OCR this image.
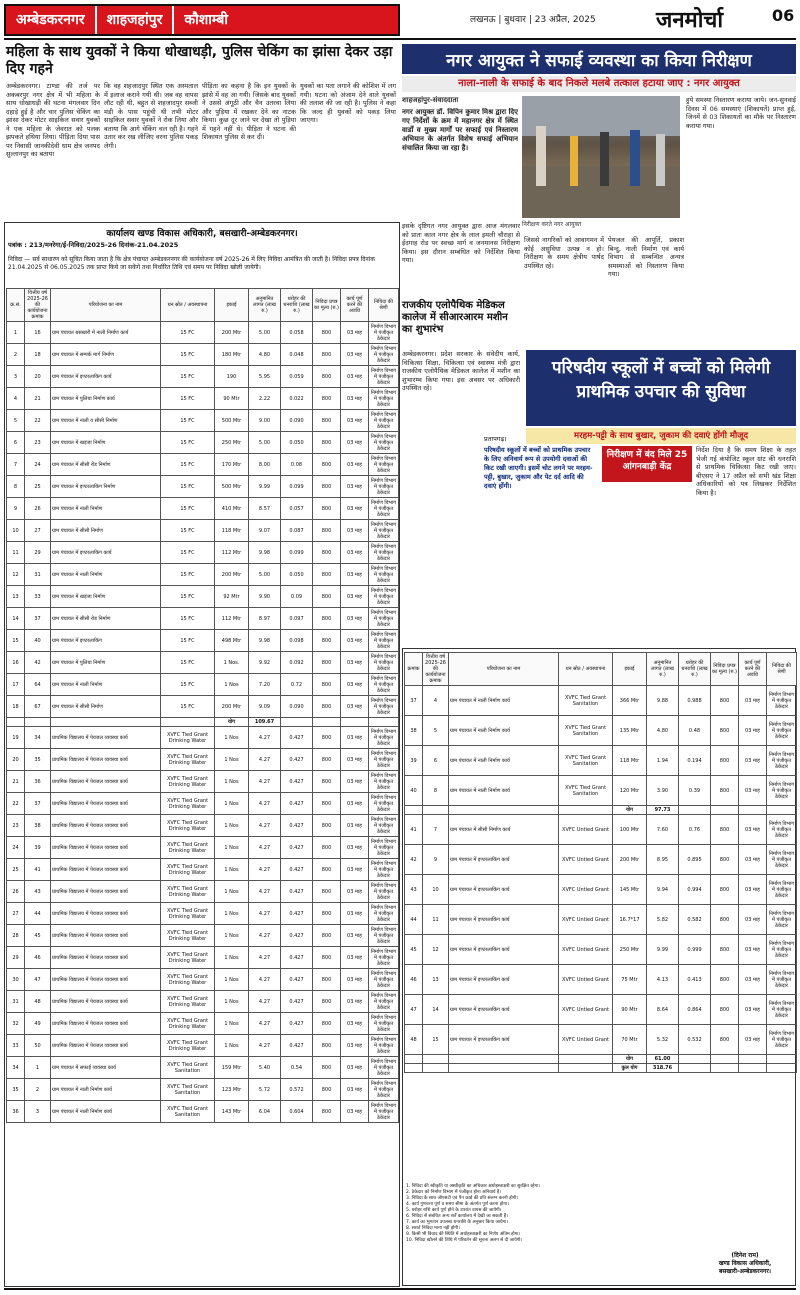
अम्बेडकरनगर	शाहजहांपुर	कौशाम्बी	लखनऊ | बुधवार | 23 अप्रैल, 2025	जनमोर्चा	06
महिला के साथ युवकों ने किया धोखाधड़ी, पुलिस चेकिंग का झांसा देकर उड़ा दिए गहने
अम्बेडकरनगर। टाण्डा की तर्ज पर अकबरपुर नगर क्षेत्र में भी महिला के साथ धोखाधड़ी की घटना मंगलवार दिन दहाड़े हुई है और चार पुलिस चेकिंग का झांसा देकर मोटर साइकिल सवार युवकों ने एक महिला के जेवरात को पलक झपकते हथिया लिया। पीड़िता दिया पास पर निवासी जानकीदेवी धाम क्षेत्र जनपद सुल्तानपुर का बताया
कि वह शहजादपुर स्थित एक अस्पताल में इलाज कराने गयी थी। जब वह वापस लौट रही थी, बहुत से शहजादपुर सब्जी मंडी के पास पहुंची थी तभी मोटर साइकिल सवार युवकों ने रोक लिया और बताया कि आगे चेकिंग चल रही है। गहने उतार कर रख लीजिए वरना पुलिस पकड़ लेगी।
पीड़िता का कहना है कि इन युवकों के झांसे में वह आ गयी। जिसके बाद युवकों ने उससे अंगूठी और चैन उतरवा लिया और पुड़िया में रखकर देने का नाटक किया। कुछ दूर जाने पर देखा तो पुड़िया में गहने नहीं थे। पीड़िता ने घटना की शिकायत पुलिस से कर दी।
युवकों का पता लगाने की कोशिश में लग गयी। घटना को अंजाम देने वाले युवकों की तलाश की जा रही है। पुलिस ने कहा कि जल्द ही युवकों को पकड़ लिया जाएगा।
नगर आयुक्त ने सफाई व्यवस्था का किया निरीक्षण
नाला-नाली के सफाई के बाद निकले मलबे तत्काल हटाया जाए : नगर आयुक्त
शाहजहांपुर-संवाददाता
नगर आयुक्त डॉ. विपिन कुमार मिश्र द्वारा दिए गए निर्देशों के क्रम में महानगर क्षेत्र में स्थित वार्डों व मुख्य मार्गों पर सफाई एवं निस्तारण अभियान के अंतर्गत विशेष सफाई अभियान संचालित किया जा रहा है।
निरीक्षण करते नगर आयुक्त
इसके दृष्टिगत नगर आयुक्त द्वारा आज मंगलवार को प्रातः काल नगर क्षेत्र के लाल इमली चौराहा से ईदगाह रोड पर स्वच्छ मार्ग व जनमानस निरीक्षण किया। इस दौरान सम्बंधित को निर्देशित किया गया।
जिससे नागरिकों को आवागमन में कोई असुविधा उत्पन्न न हो। निरीक्षण के समय क्षेत्रीय पार्षद उपस्थित रहे।
पेयजल की आपूर्ति, प्रकाश बिन्दु, नाली निर्माण एवं कार्य विभाग से सम्बन्धित अन्यत्र समस्याओं को निस्तारण किया गया।
हुये समस्या निस्तारण कराया जाये। जन-सुनवाई दिवस में 06 समस्याएं (शिकायतें) प्राप्त हुई, जिनमें से 03 शिकायतों का मौके पर निस्तारण कराया गया।
राजकीय एलोपैथिक मेडिकल कालेज में सीआरआरम मशीन का शुभारंभ
अम्बेडकरनगर। प्रदेश सरकार के संवेदीय कार्य, चिकित्सा शिक्षा, चिकित्सा एवं स्वास्थ्य मंत्री द्वारा राजकीय एलोपैथिक मेडिकल कालेज में मशीन का शुभारम्भ किया गया। इस अवसर पर अधिकारी उपस्थित रहे।
परिषदीय स्कूलों में बच्चों को मिलेगी प्राथमिक उपचार की सुविधा
मरहम-पट्टी के साथ बुखार, जुकाम की दवाएं होंगी मौजूद
प्रतापगढ़।
परिषदीय स्कूलों में बच्चों को प्राथमिक उपचार के लिए अनिवार्य रूप से उपयोगी दवाओं की किट रखी जाएगी। इसमें चोट लगने पर मरहम-पट्टी, बुखार, जुकाम और पेट दर्द आदि की दवाएं होंगी।
निरीक्षण में बंद मिले 25 आंगनबाड़ी केंद्र
निर्देश दिया है कि समय शिक्षा के तहत भेजी गई कंपोजिट स्कूल ग्रांट की धनराशि से प्राथमिक चिकित्सा किट रखी जाए। बीएसए ने 17 अप्रैल को सभी खंड शिक्षा अधिकारियों को पत्र लिखकर निर्देशित किया है।
कार्यालय खण्ड विकास अधिकारी, बसखारी-अम्बेडकरनगर।
पत्रांक : 213/मनरेगा/ई-निविदा/2025-26 दिनांक-21.04.2025
निविदा — सर्व साधारण को सूचित किया जाता है कि क्षेत्र पंचायत अम्बेडकरनगर की कार्ययोजना वर्ष 2025-26 में लिए निविदा आमंत्रित की जाती है। निविदा प्रपत्र दिनांक 21.04.2025 से 06.05.2025 तक प्राप्त किये जा सकेंगे तथा निर्धारित तिथि एवं समय पर निविदा खोली जायेगी।
क्र.सं.	वित्तीय वर्ष 2025-26 की कार्ययोजना क्रमांक	परियोजना का नाम	धन स्रोत / अवस्थापना	इकाई	अनुमानित लागत (लाख रु.)	धरोहर की धनराशि (लाख रु.)	निविदा प्रपत्र का मूल्य (रु.)	कार्य पूर्ण करने की अवधि	निविदा की श्रेणी
1	16	ग्राम पंचायत बसखारी में नाली निर्माण कार्य	15 FC	200 Mtr	5.00	0.058	800	03 माह	निर्माण विभाग में पंजीकृत ठेकेदार
2	18	ग्राम पंचायत में सम्पर्क मार्ग निर्माण	15 FC	180 Mtr	4.80	0.048	800	03 माह	निर्माण विभाग में पंजीकृत ठेकेदार
3	20	ग्राम पंचायत में इण्टरलाकिंग कार्य	15 FC	190	5.95	0.059	800	03 माह	निर्माण विभाग में पंजीकृत ठेकेदार
4	21	ग्राम पंचायत में पुलिया निर्माण कार्य	15 FC	90 Mtr	2.22	0.022	800	03 माह	निर्माण विभाग में पंजीकृत ठेकेदार
5	22	ग्राम पंचायत में नाली व सीसी निर्माण	15 FC	500 Mtr	9.00	0.090	800	03 माह	निर्माण विभाग में पंजीकृत ठेकेदार
6	23	ग्राम पंचायत में खड़ंजा निर्माण	15 FC	250 Mtr	5.00	0.050	800	03 माह	निर्माण विभाग में पंजीकृत ठेकेदार
7	24	ग्राम पंचायत में सीसी रोड निर्माण	15 FC	170 Mtr	8.00	0.08	800	03 माह	निर्माण विभाग में पंजीकृत ठेकेदार
8	25	ग्राम पंचायत में इण्टरलाकिंग निर्माण	15 FC	500 Mtr	9.99	0.099	800	03 माह	निर्माण विभाग में पंजीकृत ठेकेदार
9	26	ग्राम पंचायत में नाली निर्माण	15 FC	410 Mtr	8.57	0.057	800	03 माह	निर्माण विभाग में पंजीकृत ठेकेदार
10	27	ग्राम पंचायत में सीसी निर्माण	15 FC	118 Mtr	9.07	0.087	800	03 माह	निर्माण विभाग में पंजीकृत ठेकेदार
11	29	ग्राम पंचायत में इण्टरलाकिंग कार्य	15 FC	112 Mtr	9.98	0.099	800	03 माह	निर्माण विभाग में पंजीकृत ठेकेदार
12	31	ग्राम पंचायत में नाली निर्माण	15 FC	200 Mtr	5.00	0.050	800	03 माह	निर्माण विभाग में पंजीकृत ठेकेदार
13	33	ग्राम पंचायत में खड़ंजा निर्माण	15 FC	92 Mtr	9.90	0.09	800	03 माह	निर्माण विभाग में पंजीकृत ठेकेदार
14	37	ग्राम पंचायत में सीसी रोड निर्माण	15 FC	112 Mtr	8.97	0.097	800	03 माह	निर्माण विभाग में पंजीकृत ठेकेदार
15	40	ग्राम पंचायत में इण्टरलाकिंग	15 FC	498 Mtr	9.98	0.098	800	03 माह	निर्माण विभाग में पंजीकृत ठेकेदार
16	42	ग्राम पंचायत में पुलिया निर्माण	15 FC	1 Nos.	9.92	0.092	800	03 माह	निर्माण विभाग में पंजीकृत ठेकेदार
17	64	ग्राम पंचायत में नाली निर्माण	15 FC	1 Nos	7.20	0.72	800	03 माह	निर्माण विभाग में पंजीकृत ठेकेदार
18	67	ग्राम पंचायत में सीसी निर्माण	15 FC	200 Mtr	9.09	0.090	800	03 माह	निर्माण विभाग में पंजीकृत ठेकेदार
				योग	109.67				
19	34	प्राथमिक विद्यालय में पेयजल व्यवस्था कार्य	XVFC Tied Grant Drinking Water	1 Nos	4.27	0.427	800	03 माह	निर्माण विभाग में पंजीकृत ठेकेदार
20	35	प्राथमिक विद्यालय में पेयजल व्यवस्था कार्य	XVFC Tied Grant Drinking Water	1 Nos	4.27	0.427	800	03 माह	निर्माण विभाग में पंजीकृत ठेकेदार
21	36	प्राथमिक विद्यालय में पेयजल व्यवस्था कार्य	XVFC Tied Grant Drinking Water	1 Nos	4.27	0.427	800	03 माह	निर्माण विभाग में पंजीकृत ठेकेदार
22	37	प्राथमिक विद्यालय में पेयजल व्यवस्था कार्य	XVFC Tied Grant Drinking Water	1 Nos	4.27	0.427	800	03 माह	निर्माण विभाग में पंजीकृत ठेकेदार
23	38	प्राथमिक विद्यालय में पेयजल व्यवस्था कार्य	XVFC Tied Grant Drinking Water	1 Nos	4.27	0.427	800	03 माह	निर्माण विभाग में पंजीकृत ठेकेदार
24	39	प्राथमिक विद्यालय में पेयजल व्यवस्था कार्य	XVFC Tied Grant Drinking Water	1 Nos	4.27	0.427	800	03 माह	निर्माण विभाग में पंजीकृत ठेकेदार
25	41	प्राथमिक विद्यालय में पेयजल व्यवस्था कार्य	XVFC Tied Grant Drinking Water	1 Nos	4.27	0.427	800	03 माह	निर्माण विभाग में पंजीकृत ठेकेदार
26	43	प्राथमिक विद्यालय में पेयजल व्यवस्था कार्य	XVFC Tied Grant Drinking Water	1 Nos	4.27	0.427	800	03 माह	निर्माण विभाग में पंजीकृत ठेकेदार
27	44	प्राथमिक विद्यालय में पेयजल व्यवस्था कार्य	XVFC Tied Grant Drinking Water	1 Nos	4.27	0.427	800	03 माह	निर्माण विभाग में पंजीकृत ठेकेदार
28	45	प्राथमिक विद्यालय में पेयजल व्यवस्था कार्य	XVFC Tied Grant Drinking Water	1 Nos	4.27	0.427	800	03 माह	निर्माण विभाग में पंजीकृत ठेकेदार
29	46	प्राथमिक विद्यालय में पेयजल व्यवस्था कार्य	XVFC Tied Grant Drinking Water	1 Nos	4.27	0.427	800	03 माह	निर्माण विभाग में पंजीकृत ठेकेदार
30	47	प्राथमिक विद्यालय में पेयजल व्यवस्था कार्य	XVFC Tied Grant Drinking Water	1 Nos	4.27	0.427	800	03 माह	निर्माण विभाग में पंजीकृत ठेकेदार
31	48	प्राथमिक विद्यालय में पेयजल व्यवस्था कार्य	XVFC Tied Grant Drinking Water	1 Nos	4.27	0.427	800	03 माह	निर्माण विभाग में पंजीकृत ठेकेदार
32	49	प्राथमिक विद्यालय में पेयजल व्यवस्था कार्य	XVFC Tied Grant Drinking Water	1 Nos	4.27	0.427	800	03 माह	निर्माण विभाग में पंजीकृत ठेकेदार
33	50	प्राथमिक विद्यालय में पेयजल व्यवस्था कार्य	XVFC Tied Grant Drinking Water	1 Nos	4.27	0.427	800	03 माह	निर्माण विभाग में पंजीकृत ठेकेदार
34	1	ग्राम पंचायत में सफाई व्यवस्था कार्य	XVFC Tied Grant Sanitation	159 Mtr	5.40	0.54	800	03 माह	निर्माण विभाग में पंजीकृत ठेकेदार
35	2	ग्राम पंचायत में नाली निर्माण कार्य	XVFC Tied Grant Sanitation	123 Mtr	5.72	0.572	800	03 माह	निर्माण विभाग में पंजीकृत ठेकेदार
36	3	ग्राम पंचायत में नाली निर्माण कार्य	XVFC Tied Grant Sanitation	143 Mtr	6.04	0.604	800	03 माह	निर्माण विभाग में पंजीकृत ठेकेदार
क्रमांक	वित्तीय वर्ष 2025-26 की कार्ययोजना क्रमांक	परियोजना का नाम	धन स्रोत / अवस्थापना	इकाई	अनुमानित लागत (लाख रु.)	धरोहर की धनराशि (लाख रु.)	निविदा प्रपत्र का मूल्य (रु.)	कार्य पूर्ण करने की अवधि	निविदा की श्रेणी
37	4	ग्राम पंचायत में नाली निर्माण कार्य	XVFC Tied Grant Sanitation	366 Mtr	9.88	0.988	800	03 माह	निर्माण विभाग में पंजीकृत ठेकेदार
38	5	ग्राम पंचायत में नाली निर्माण कार्य	XVFC Tied Grant Sanitation	135 Mtr	4.80	0.48	800	03 माह	निर्माण विभाग में पंजीकृत ठेकेदार
39	6	ग्राम पंचायत में नाली निर्माण कार्य	XVFC Tied Grant Sanitation	118 Mtr	1.94	0.194	800	03 माह	निर्माण विभाग में पंजीकृत ठेकेदार
40	8	ग्राम पंचायत में नाली निर्माण कार्य	XVFC Tied Grant Sanitation	120 Mtr	3.90	0.39	800	03 माह	निर्माण विभाग में पंजीकृत ठेकेदार
				योग	97.73				
41	7	ग्राम पंचायत में सीसी निर्माण कार्य	XVFC Untied Grant	100 Mtr	7.60	0.76	800	03 माह	निर्माण विभाग में पंजीकृत ठेकेदार
42	9	ग्राम पंचायत में इण्टरलाकिंग कार्य	XVFC Untied Grant	200 Mtr	8.95	0.895	800	03 माह	निर्माण विभाग में पंजीकृत ठेकेदार
43	10	ग्राम पंचायत में इण्टरलाकिंग कार्य	XVFC Untied Grant	145 Mtr	9.94	0.994	800	03 माह	निर्माण विभाग में पंजीकृत ठेकेदार
44	11	ग्राम पंचायत में इण्टरलाकिंग कार्य	XVFC Untied Grant	16.7*17	5.82	0.582	800	03 माह	निर्माण विभाग में पंजीकृत ठेकेदार
45	12	ग्राम पंचायत में इण्टरलाकिंग कार्य	XVFC Untied Grant	250 Mtr	9.99	0.999	800	03 माह	निर्माण विभाग में पंजीकृत ठेकेदार
46	13	ग्राम पंचायत में इण्टरलाकिंग कार्य	XVFC Untied Grant	75 Mtr	4.13	0.413	800	03 माह	निर्माण विभाग में पंजीकृत ठेकेदार
47	14	ग्राम पंचायत में इण्टरलाकिंग कार्य	XVFC Untied Grant	90 Mtr	8.64	0.864	800	03 माह	निर्माण विभाग में पंजीकृत ठेकेदार
48	15	ग्राम पंचायत में इण्टरलाकिंग कार्य	XVFC Untied Grant	70 Mtr	5.32	0.532	800	03 माह	निर्माण विभाग में पंजीकृत ठेकेदार
				योग	61.00				
				कुल योग	318.76				
1. निविदा की स्वीकृति या अस्वीकृति का अधिकार अधोहस्ताक्षरी का सुरक्षित रहेगा।
2. ठेकेदार को निर्माण विभाग में पंजीकृत होना अनिवार्य है।
3. निविदा के साथ जीएसटी एवं पैन कार्ड की प्रति संलग्न करनी होगी।
4. कार्य गुणवत्ता पूर्ण व समय सीमा के अंतर्गत पूर्ण करना होगा।
5. धरोहर राशि कार्य पूर्ण होने के उपरांत वापस की जायेगी।
6. निविदा से संबंधित अन्य शर्तें कार्यालय में देखी जा सकती हैं।
7. कार्य का भुगतान उपलब्ध धनराशि के अनुसार किया जायेगा।
8. सशर्त निविदा मान्य नहीं होगी।
9. किसी भी विवाद की स्थिति में अधोहस्ताक्षरी का निर्णय अंतिम होगा।
10. निविदा खोलने की तिथि में परिवर्तन की सूचना अलग से दी जायेगी।
(दिनेश राम)
खण्ड विकास अधिकारी,
बसखारी-अम्बेडकरनगर।
